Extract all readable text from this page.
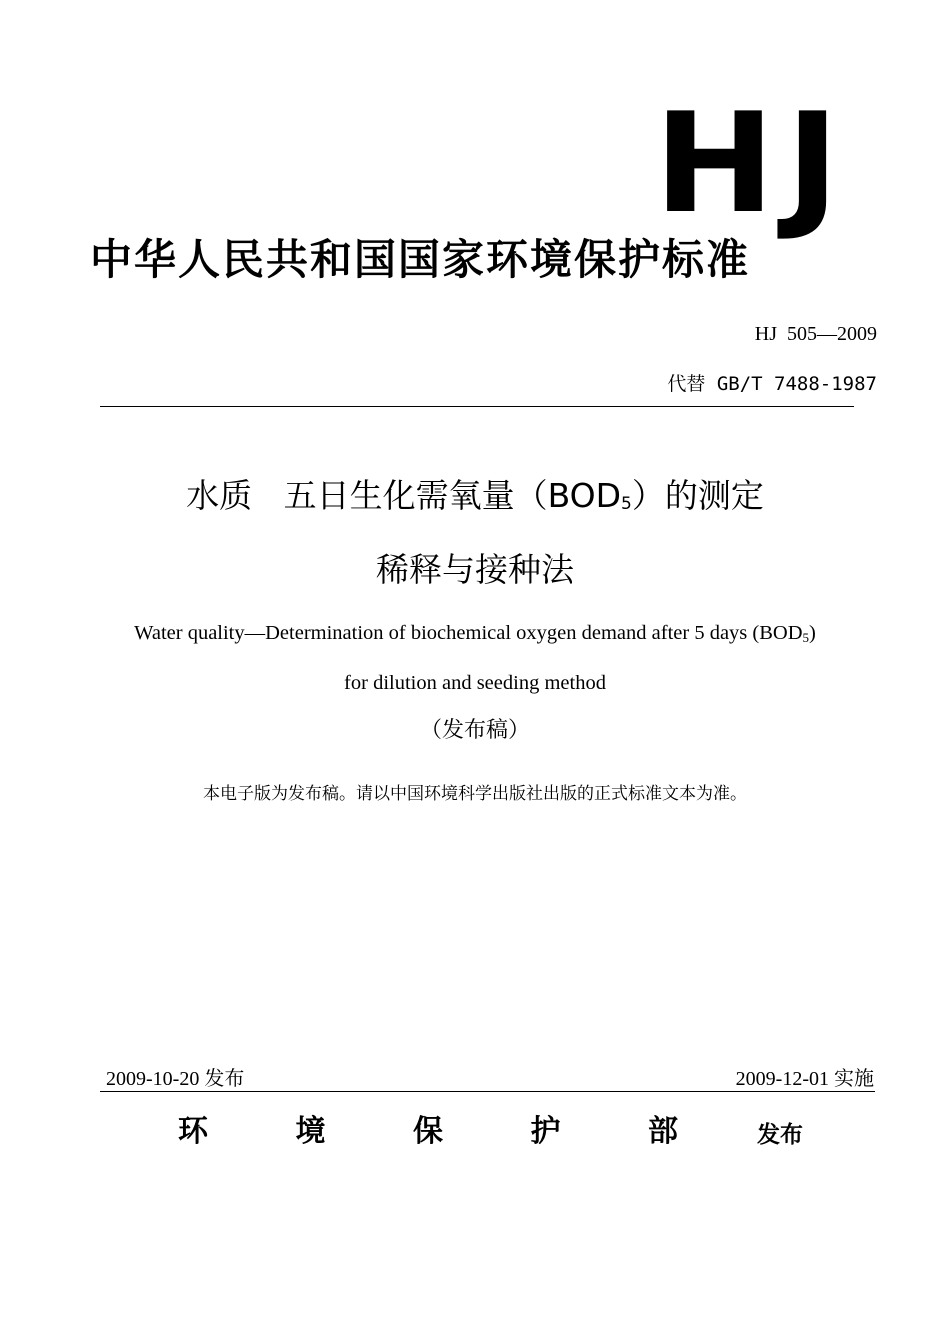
HJ
中华人民共和国国家环境保护标准
HJ  505—2009
代替 GB/T 7488-1987
水质   五日生化需氧量（BOD5）的测定
稀释与接种法
Water quality—Determination of biochemical oxygen demand after 5 days (BOD5)
for dilution and seeding method
（发布稿）
本电子版为发布稿。请以中国环境科学出版社出版的正式标准文本为准。
2009-10-20 发布	2009-12-01 实施
环	境	保	护	部	发布
